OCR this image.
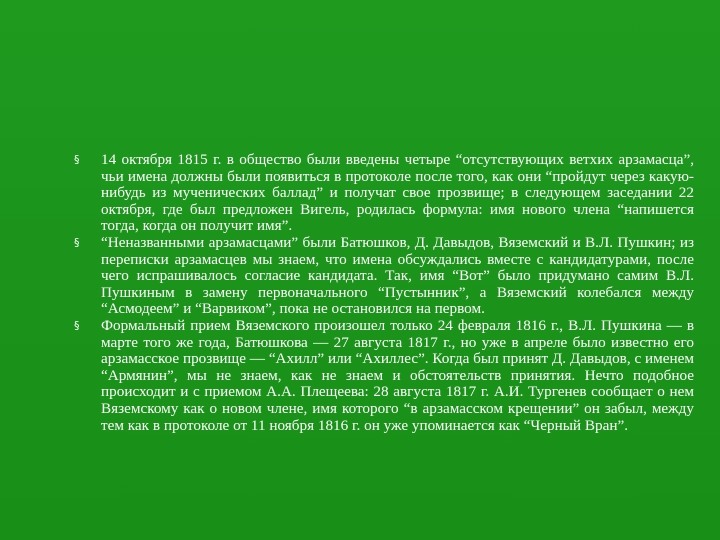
§ 14 октября 1815 г. в общество были введены четыре “отсутствующих ветхих арзамасца”, чьи имена должны были появиться в протоколе после того, как они “пройдут через какую-нибудь из мученических баллад” и получат свое прозвище; в следующем заседании 22 октября, где был предложен Вигель, родилась формула: имя нового члена “напишется тогда, когда он получит имя”.
§ “Неназванными арзамасцами” были Батюшков, Д. Давыдов, Вяземский и В.Л. Пушкин; из переписки арзамасцев мы знаем, что имена обсуждались вместе с кандидатурами, после чего испрашивалось согласие кандидата. Так, имя “Вот” было придумано самим В.Л. Пушкиным в замену первоначального “Пустынник”, а Вяземский колебался между “Асмодеем” и “Варвиком”, пока не остановился на первом.
§ Формальный прием Вяземского произошел только 24 февраля 1816 г., В.Л. Пушкина — в марте того же года, Батюшкова — 27 августа 1817 г., но уже в апреле было известно его арзамасское прозвище — “Ахилл” или “Ахиллес”. Когда был принят Д. Давыдов, с именем “Армянин”, мы не знаем, как не знаем и обстоятельств принятия. Нечто подобное происходит и с приемом А.А. Плещеева: 28 августа 1817 г. А.И. Тургенев сообщает о нем Вяземскому как о новом члене, имя которого “в арзамасском крещении” он забыл, между тем как в протоколе от 11 ноября 1816 г. он уже упоминается как “Черный Вран”.
